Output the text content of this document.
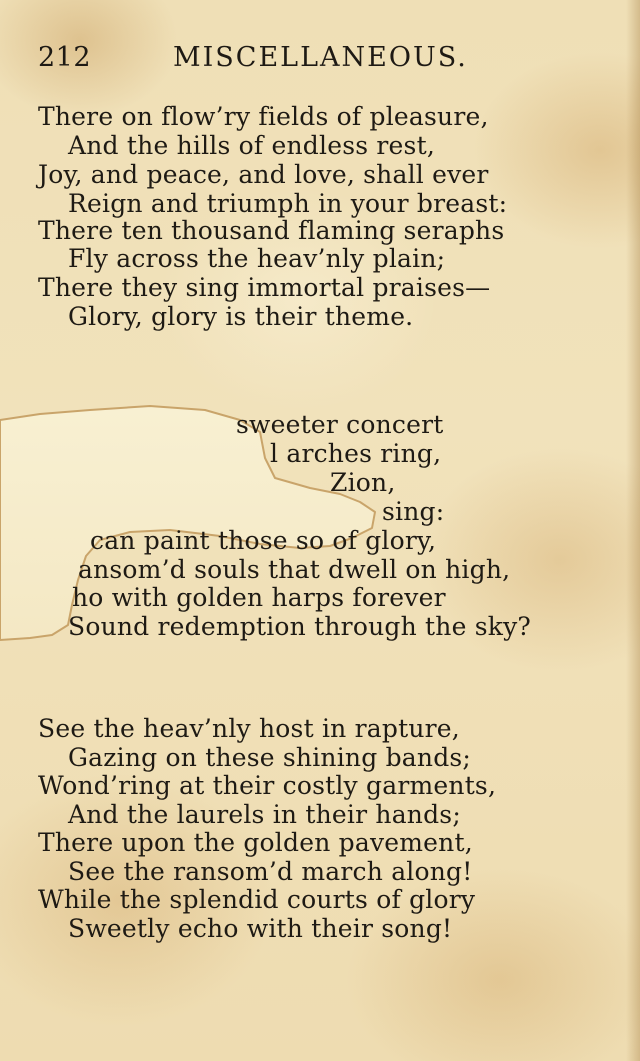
212	MISCELLANEOUS.
There on flow’ry fields of pleasure,
And the hills of endless rest,
Joy, and peace, and love, shall ever
Reign and triumph in your breast:
There ten thousand flaming seraphs
Fly across the heav’nly plain;
There they sing immortal praises—
Glory, glory is their theme.
sweeter concert
l arches ring,
Zion,
sing:
can paint those so of glory,
ansom’d souls that dwell on high,
ho with golden harps forever
Sound redemption through the sky?
See the heav’nly host in rapture,
Gazing on these shining bands;
Wond’ring at their costly garments,
And the laurels in their hands;
There upon the golden pavement,
See the ransom’d march along!
While the splendid courts of glory
Sweetly echo with their song!
